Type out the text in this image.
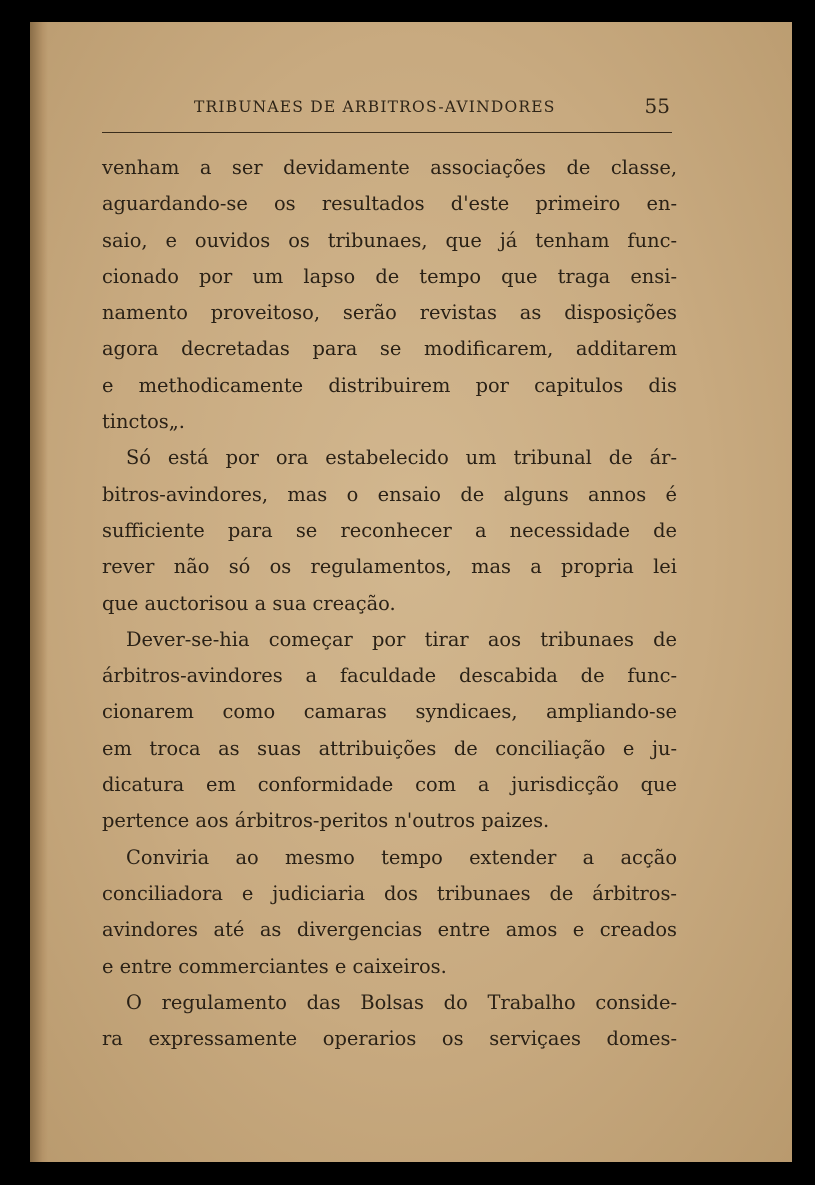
TRIBUNAES DE ARBITROS-AVINDORES	55
venham a ser devidamente associações de classe,
aguardando-se os resultados d'este primeiro en-
saio, e ouvidos os tribunaes, que já tenham func-
cionado por um lapso de tempo que traga ensi-
namento proveitoso, serão revistas as disposições
agora decretadas para se modificarem, additarem
e methodicamente distribuirem por capitulos dis
tinctos„.
Só está por ora estabelecido um tribunal de ár-
bitros-avindores, mas o ensaio de alguns annos é
sufficiente para se reconhecer a necessidade de
rever não só os regulamentos, mas a propria lei
que auctorisou a sua creação.
Dever-se-hia começar por tirar aos tribunaes de
árbitros-avindores a faculdade descabida de func-
cionarem como camaras syndicaes, ampliando-se
em troca as suas attribuições de conciliação e ju-
dicatura em conformidade com a jurisdicção que
pertence aos árbitros-peritos n'outros paizes.
Conviria ao mesmo tempo extender a acção
conciliadora e judiciaria dos tribunaes de árbitros-
avindores até as divergencias entre amos e creados
e entre commerciantes e caixeiros.
O regulamento das Bolsas do Trabalho conside-
ra expressamente operarios os serviçaes domes-
